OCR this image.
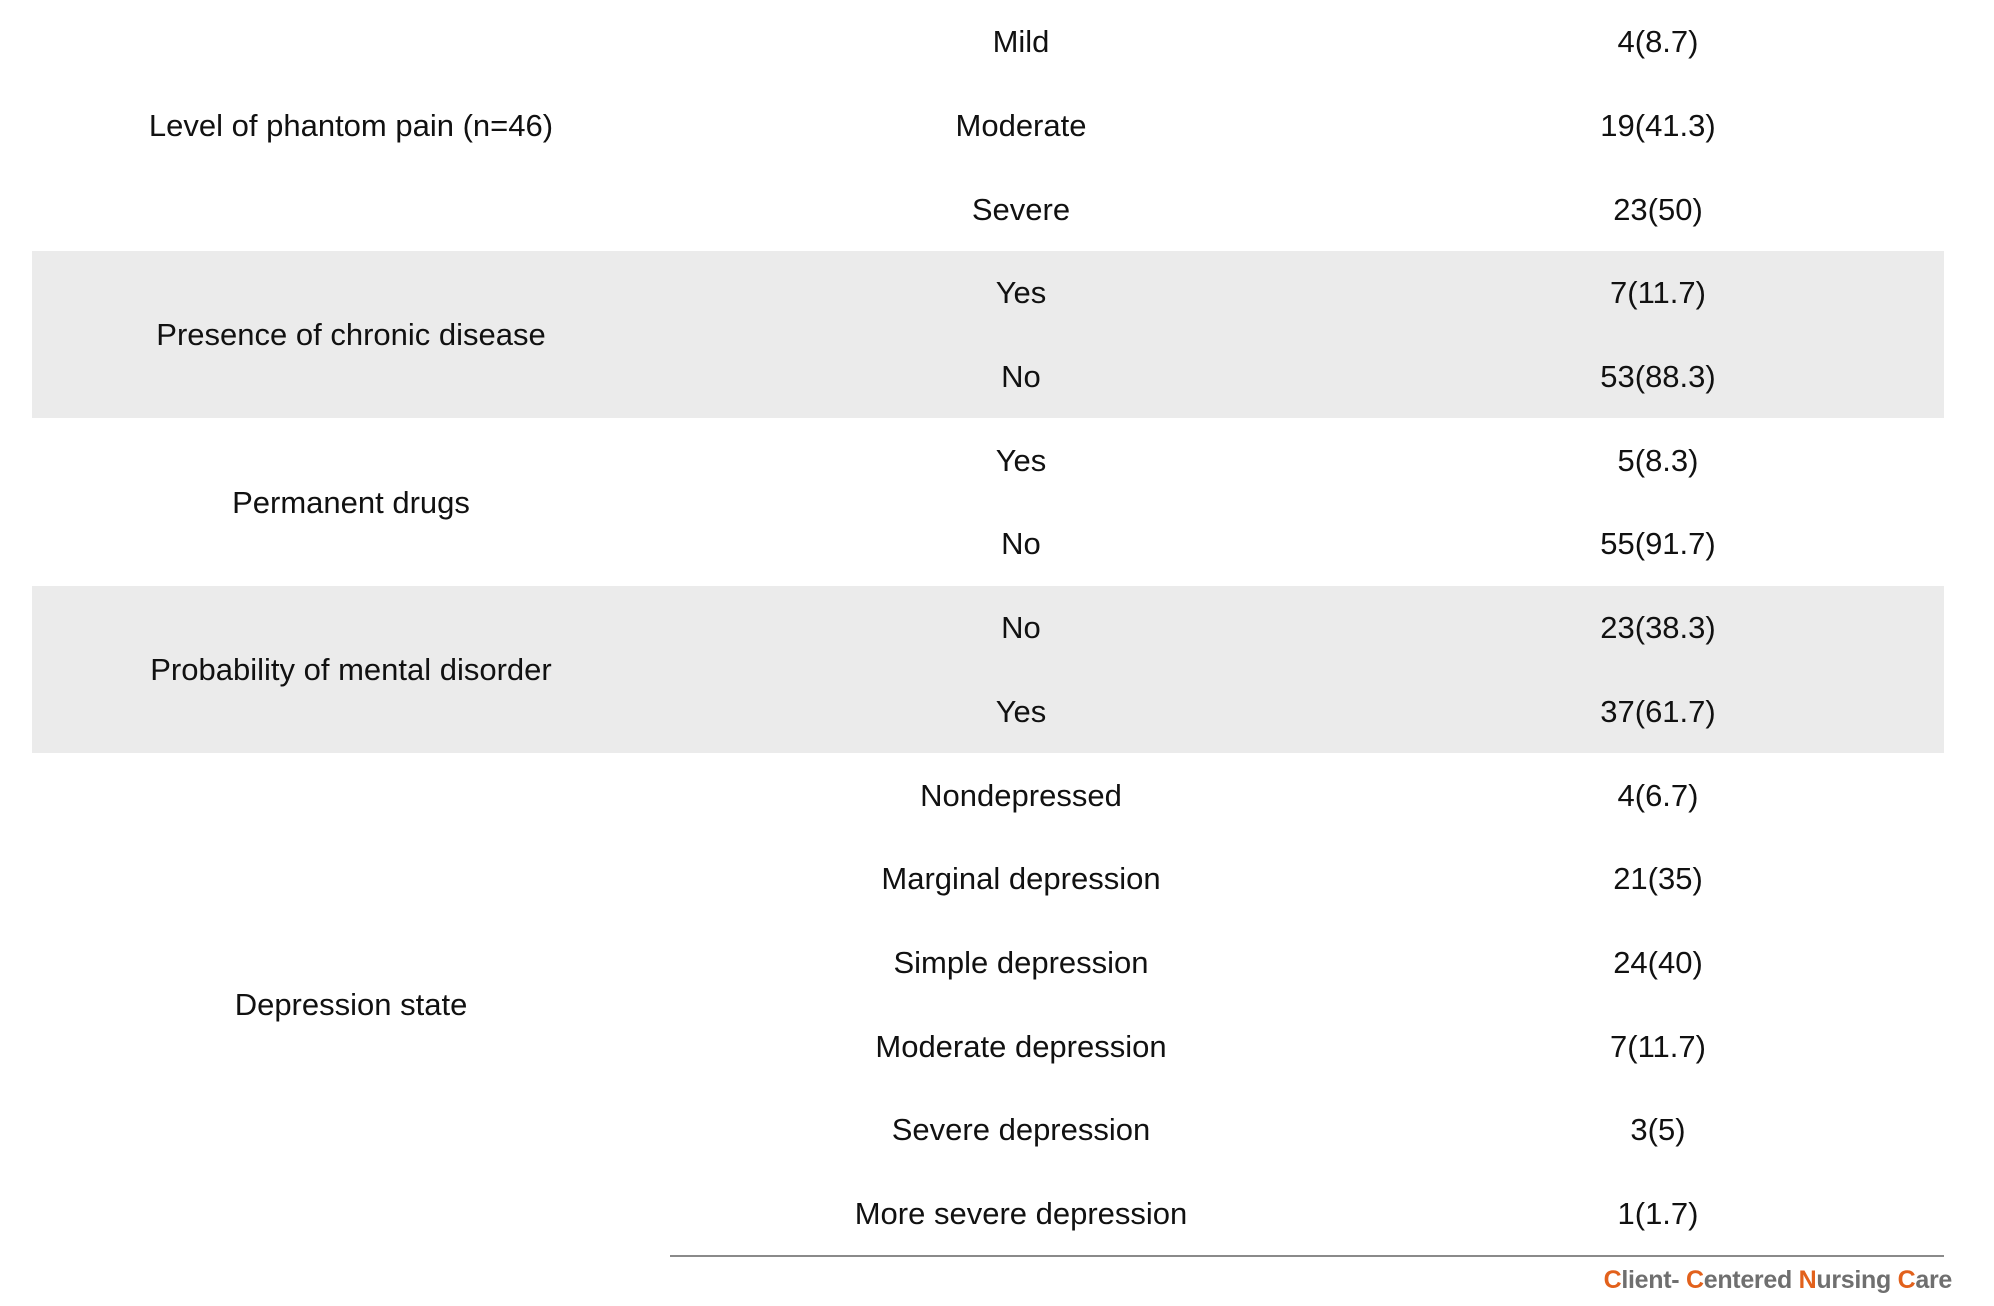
Level of phantom pain (n=46)	Mild	4(8.7)
	Moderate	19(41.3)
	Severe	23(50)
Presence of chronic disease	Yes	7(11.7)
	No	53(88.3)
Permanent drugs	Yes	5(8.3)
	No	55(91.7)
Probability of mental disorder	No	23(38.3)
	Yes	37(61.7)
Depression state	Nondepressed	4(6.7)
	Marginal depression	21(35)
	Simple depression	24(40)
	Moderate depression	7(11.7)
	Severe depression	3(5)
	More severe depression	1(1.7)
Client- Centered Nursing Care
